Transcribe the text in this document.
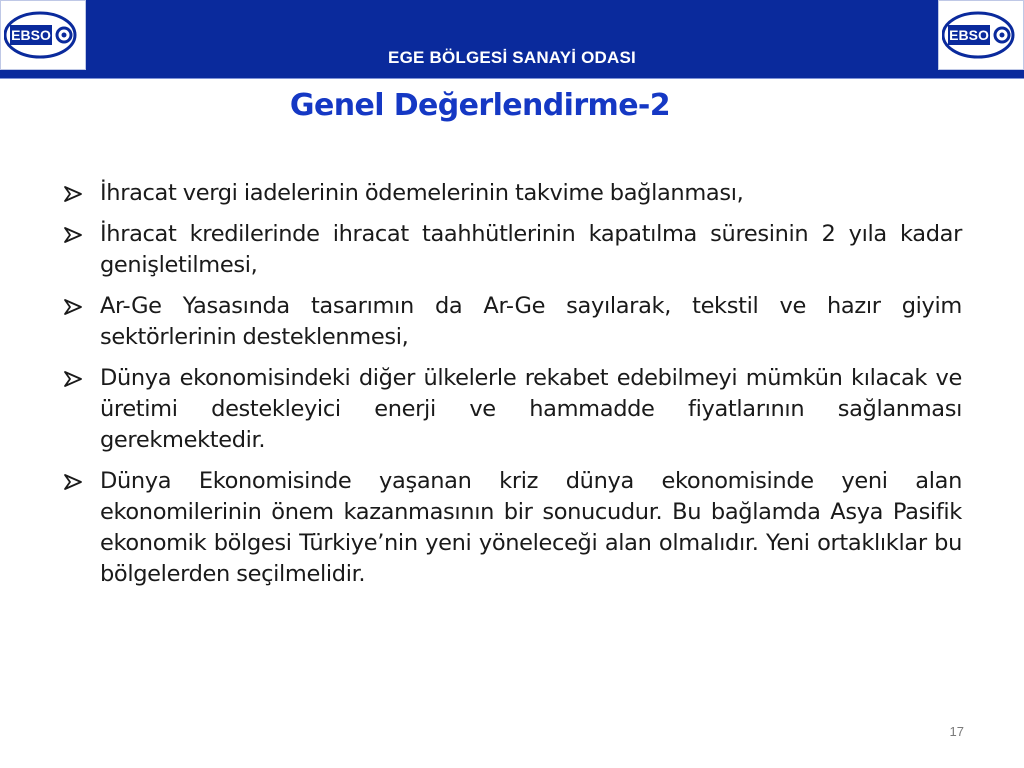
EBSO
EGE BÖLGESİ SANAYİ ODASI
EBSO
Genel Değerlendirme-2
İhracat vergi iadelerinin ödemelerinin takvime bağlanması,
İhracat kredilerinde ihracat taahhütlerinin kapatılma süresinin 2 yıla kadar genişletilmesi,
Ar-Ge Yasasında tasarımın da Ar-Ge sayılarak, tekstil ve hazır giyim sektörlerinin desteklenmesi,
Dünya ekonomisindeki diğer ülkelerle rekabet edebilmeyi mümkün kılacak ve üretimi destekleyici enerji ve hammadde fiyatlarının sağlanması gerekmektedir.
Dünya Ekonomisinde yaşanan kriz dünya ekonomisinde yeni alan ekonomilerinin önem kazanmasının bir sonucudur. Bu bağlamda Asya Pasifik ekonomik bölgesi Türkiye’nin yeni yöneleceği alan olmalıdır. Yeni ortaklıklar bu bölgelerden seçilmelidir.
17
